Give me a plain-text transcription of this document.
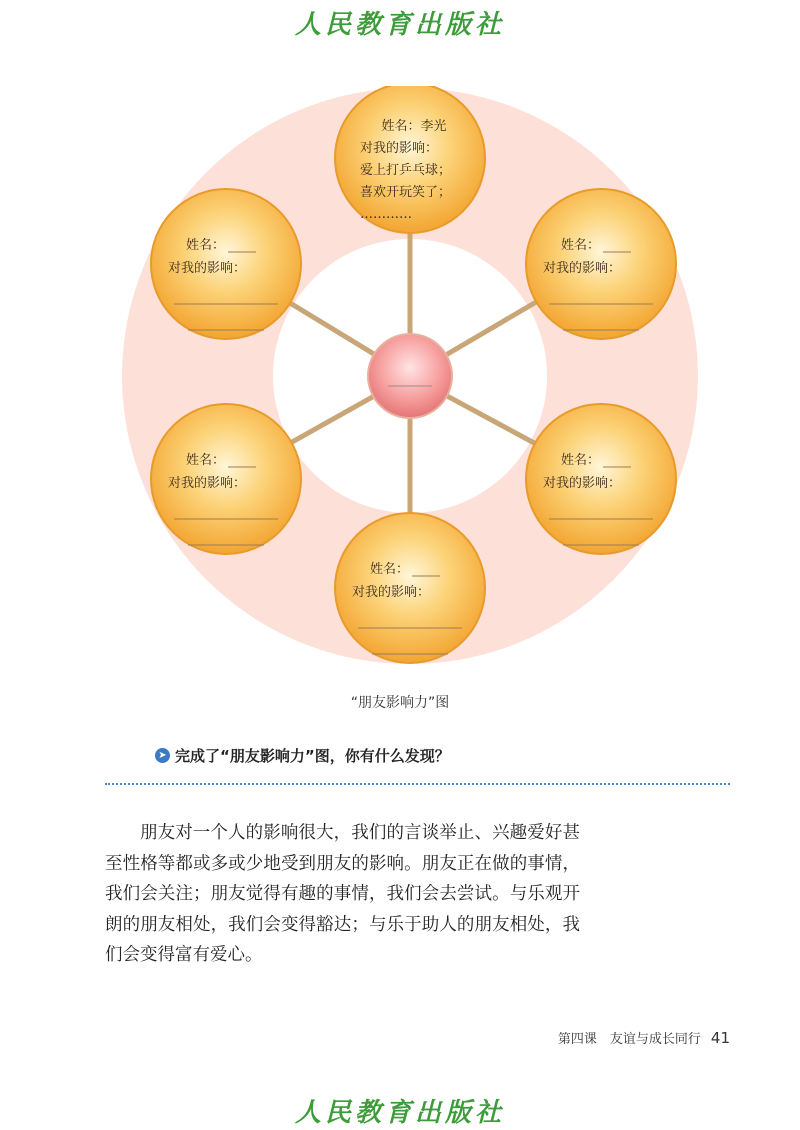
人民教育出版社
姓名：李光
对我的影响：
爱上打乒乓球；
喜欢开玩笑了；
…………
姓名：
对我的影响：
姓名：
对我的影响：
姓名：
对我的影响：
姓名：
对我的影响：
姓名：
对我的影响：
“朋友影响力”图
➤ 完成了“朋友影响力”图，你有什么发现？
朋友对一个人的影响很大，我们的言谈举止、兴趣爱好甚至性格等都或多或少地受到朋友的影响。朋友正在做的事情，我们会关注；朋友觉得有趣的事情，我们会去尝试。与乐观开朗的朋友相处，我们会变得豁达；与乐于助人的朋友相处，我们会变得富有爱心。
第四课　友谊与成长同行 41
人民教育出版社
